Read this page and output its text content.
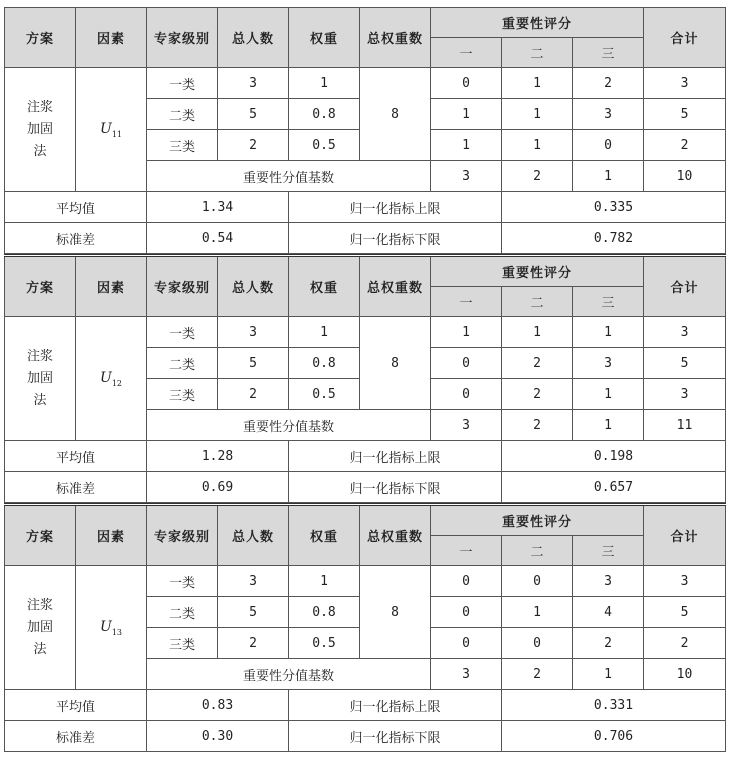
方案	因素	专家级别	总人数	权重	总权重数	重要性评分			合计
						一	二	三	
注浆加固法	$U_{11}$	一类	3	1	8	0	1	2	3
		二类	5	0.8		1	1	3	5
		三类	2	0.5		1	1	0	2
		重要性分值基数				3	2	1	10
平均值		1.34		归一化指标上限			0.335		
标准差		0.54		归一化指标下限			0.782		
方案	因素	专家级别	总人数	权重	总权重数	重要性评分			合计
						一	二	三	
注浆加固法	$U_{12}$	一类	3	1	8	1	1	1	3
		二类	5	0.8		0	2	3	5
		三类	2	0.5		0	2	1	3
		重要性分值基数				3	2	1	11
平均值		1.28		归一化指标上限			0.198		
标准差		0.69		归一化指标下限			0.657		
方案	因素	专家级别	总人数	权重	总权重数	重要性评分			合计
						一	二	三	
注浆加固法	$U_{13}$	一类	3	1	8	0	0	3	3
		二类	5	0.8		0	1	4	5
		三类	2	0.5		0	0	2	2
		重要性分值基数				3	2	1	10
平均值		0.83		归一化指标上限			0.331		
标准差		0.30		归一化指标下限			0.706		
